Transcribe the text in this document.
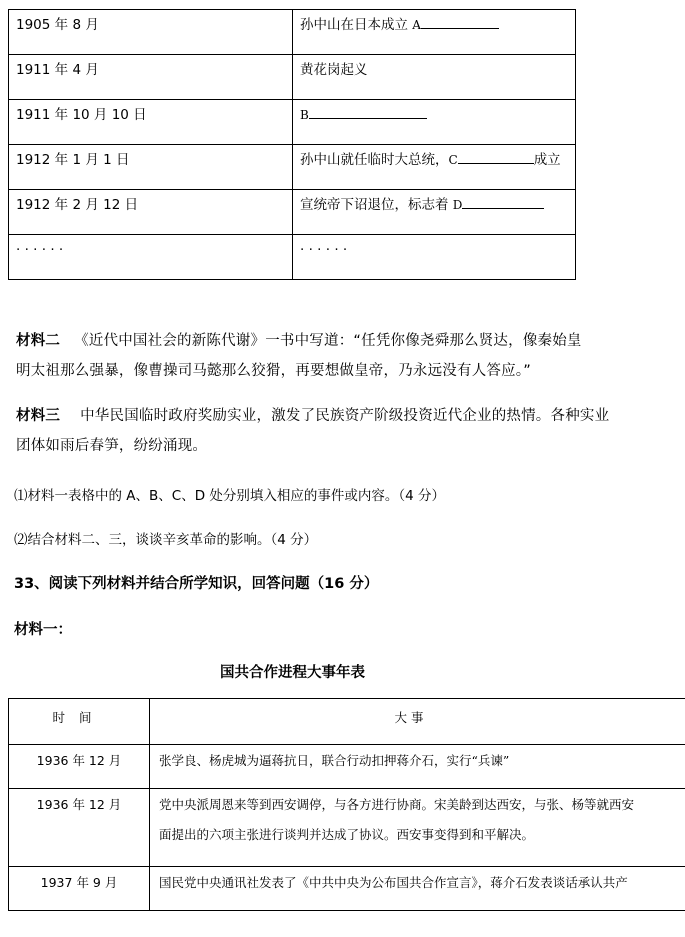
1905 年 8 月	孙中山在日本成立 A
1911 年 4 月	黄花岗起义
1911 年 10 月 10 日	B
1912 年 1 月 1 日	孙中山就任临时大总统，C 成立
1912 年 2 月 12 日	宣统帝下诏退位，标志着 D
· · · · · ·	· · · · · ·
材料二 《近代中国社会的新陈代谢》一书中写道：“任凭你像尧舜那么贤达，像秦始皇
明太祖那么强暴，像曹操司马懿那么狡猾，再要想做皇帝，乃永远没有人答应。”
材料三 中华民国临时政府奖励实业，激发了民族资产阶级投资近代企业的热情。各种实业
团体如雨后春笋，纷纷涌现。
⑴材料一表格中的 A、B、C、D 处分别填入相应的事件或内容。（4 分）
⑵结合材料二、三，谈谈辛亥革命的影响。（4 分）
33、阅读下列材料并结合所学知识，回答问题（16 分）
材料一：
国共合作进程大事年表
时间	大 事
1936 年 12 月	张学良、杨虎城为逼蒋抗日，联合行动扣押蒋介石，实行“兵谏”

1936 年 12 月	党中央派周恩来等到西安调停，与各方进行协商。宋美龄到达西安，与张、杨等就西安
面提出的六项主张进行谈判并达成了协议。西安事变得到和平解决。

1937 年 9 月	国民党中央通讯社发表了《中共中央为公布国共合作宣言》，蒋介石发表谈话承认共产
